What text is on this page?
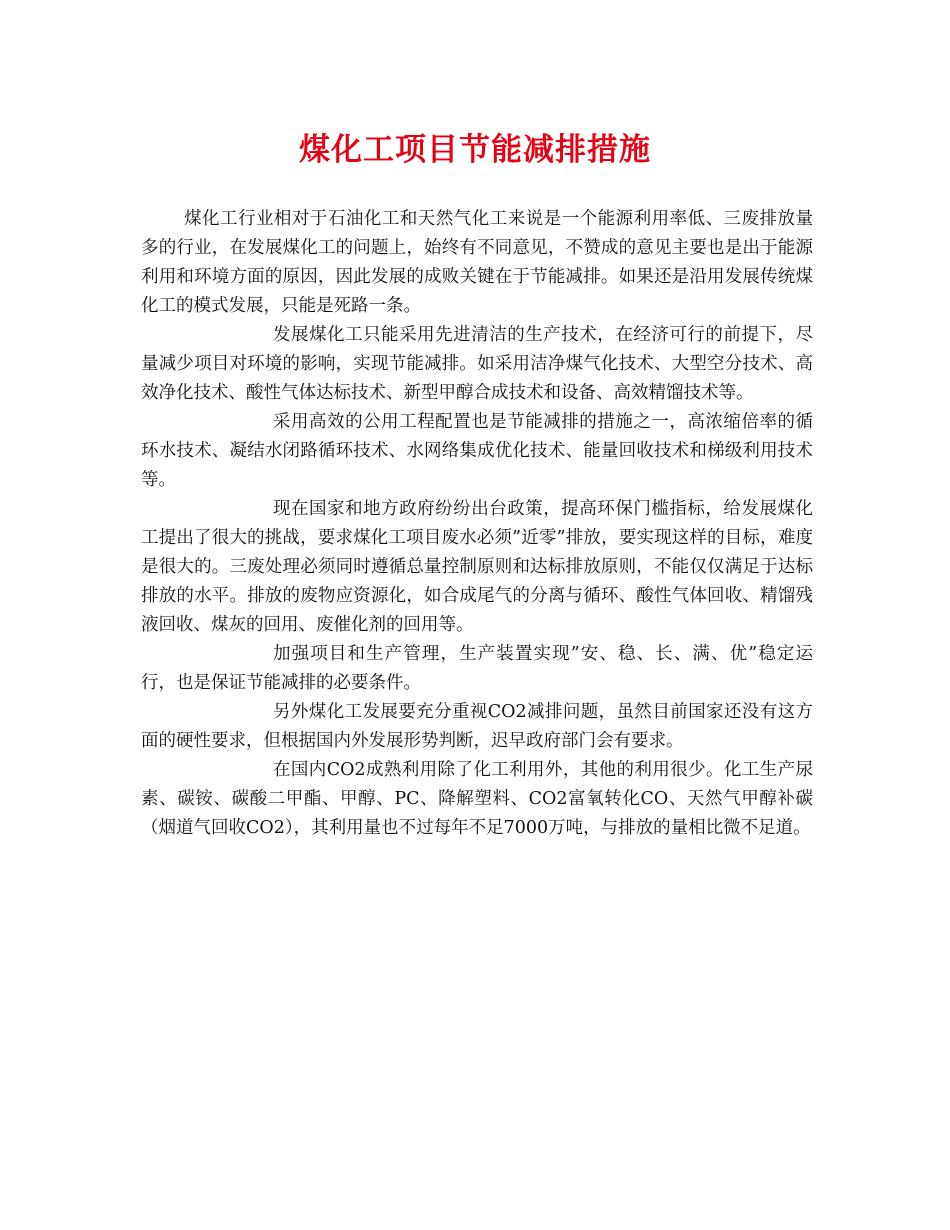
煤化工项目节能减排措施

煤化工行业相对于石油化工和天然气化工来说是一个能源利用率低、三废排放量多的行业，在发展煤化工的问题上，始终有不同意见，不赞成的意见主要也是出于能源利用和环境方面的原因，因此发展的成败关键在于节能减排。如果还是沿用发展传统煤化工的模式发展，只能是死路一条。

发展煤化工只能采用先进清洁的生产技术，在经济可行的前提下，尽量减少项目对环境的影响，实现节能减排。如采用洁净煤气化技术、大型空分技术、高效净化技术、酸性气体达标技术、新型甲醇合成技术和设备、高效精馏技术等。

采用高效的公用工程配置也是节能减排的措施之一，高浓缩倍率的循环水技术、凝结水闭路循环技术、水网络集成优化技术、能量回收技术和梯级利用技术等。

现在国家和地方政府纷纷出台政策，提高环保门槛指标，给发展煤化工提出了很大的挑战，要求煤化工项目废水必须”近零”排放，要实现这样的目标，难度是很大的。三废处理必须同时遵循总量控制原则和达标排放原则，不能仅仅满足于达标排放的水平。排放的废物应资源化，如合成尾气的分离与循环、酸性气体回收、精馏残液回收、煤灰的回用、废催化剂的回用等。

加强项目和生产管理，生产装置实现”安、稳、长、满、优”稳定运行，也是保证节能减排的必要条件。

另外煤化工发展要充分重视CO2减排问题，虽然目前国家还没有这方面的硬性要求，但根据国内外发展形势判断，迟早政府部门会有要求。

在国内CO2成熟利用除了化工利用外，其他的利用很少。化工生产尿素、碳铵、碳酸二甲酯、甲醇、PC、降解塑料、CO2富氧转化CO、天然气甲醇补碳（烟道气回收CO2），其利用量也不过每年不足7000万吨，与排放的量相比微不足道。
